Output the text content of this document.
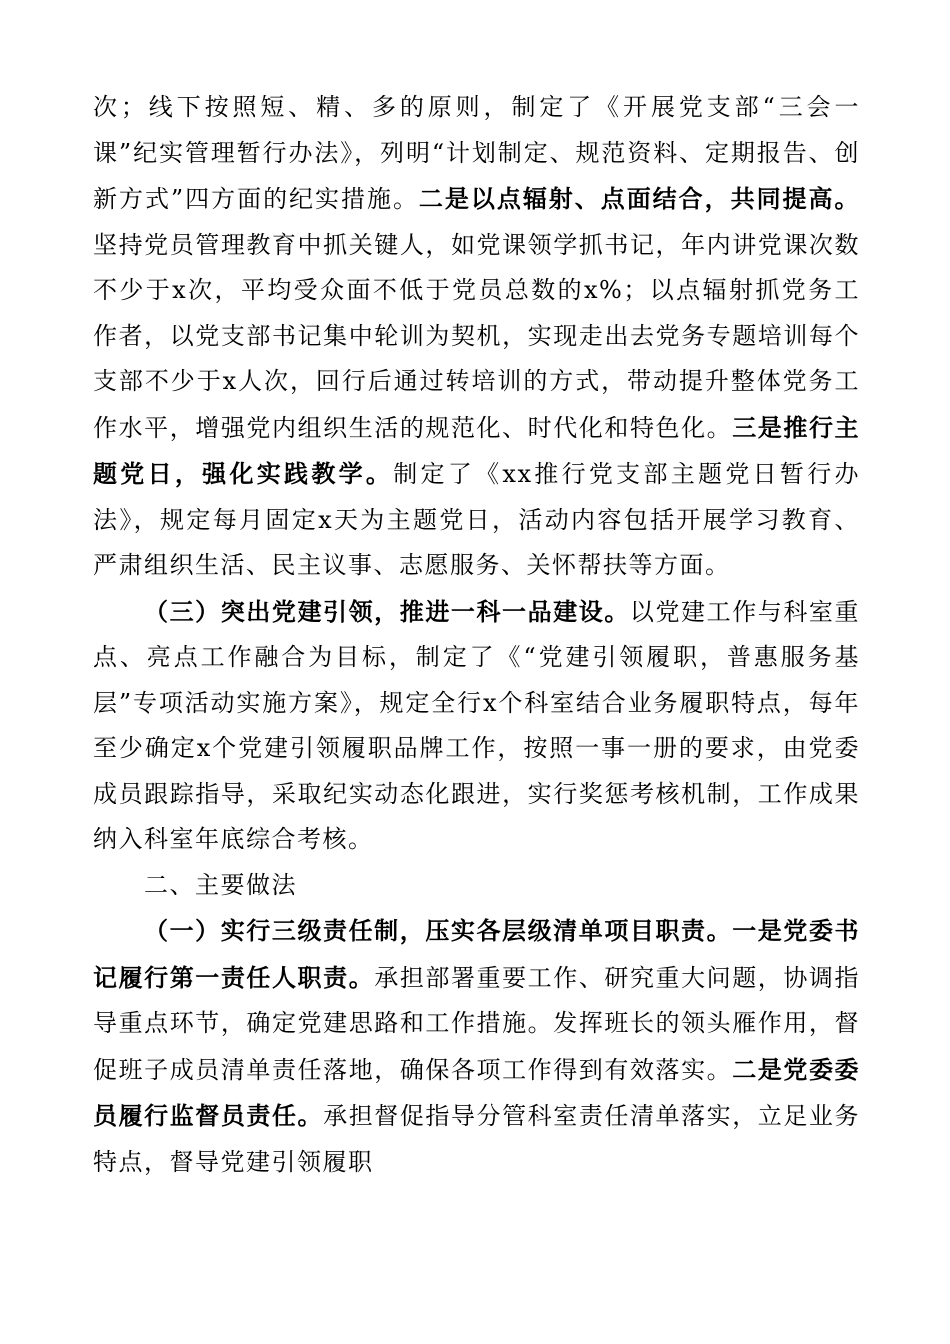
次；线下按照短、精、多的原则，制定了《开展党支部“三会一课”纪实管理暂行办法》，列明“计划制定、规范资料、定期报告、创新方式”四方面的纪实措施。二是以点辐射、点面结合，共同提高。坚持党员管理教育中抓关键人，如党课领学抓书记，年内讲党课次数不少于x次，平均受众面不低于党员总数的x%；以点辐射抓党务工作者，以党支部书记集中轮训为契机，实现走出去党务专题培训每个支部不少于x人次，回行后通过转培训的方式，带动提升整体党务工作水平，增强党内组织生活的规范化、时代化和特色化。三是推行主题党日，强化实践教学。制定了《xx推行党支部主题党日暂行办法》，规定每月固定x天为主题党日，活动内容包括开展学习教育、严肃组织生活、民主议事、志愿服务、关怀帮扶等方面。

（三）突出党建引领，推进一科一品建设。以党建工作与科室重点、亮点工作融合为目标，制定了《“党建引领履职，普惠服务基层”专项活动实施方案》，规定全行x个科室结合业务履职特点，每年至少确定x个党建引领履职品牌工作，按照一事一册的要求，由党委成员跟踪指导，采取纪实动态化跟进，实行奖惩考核机制，工作成果纳入科室年底综合考核。

二、主要做法

（一）实行三级责任制，压实各层级清单项目职责。一是党委书记履行第一责任人职责。承担部署重要工作、研究重大问题，协调指导重点环节，确定党建思路和工作措施。发挥班长的领头雁作用，督促班子成员清单责任落地，确保各项工作得到有效落实。二是党委委员履行监督员责任。承担督促指导分管科室责任清单落实，立足业务特点，督导党建引领履职
